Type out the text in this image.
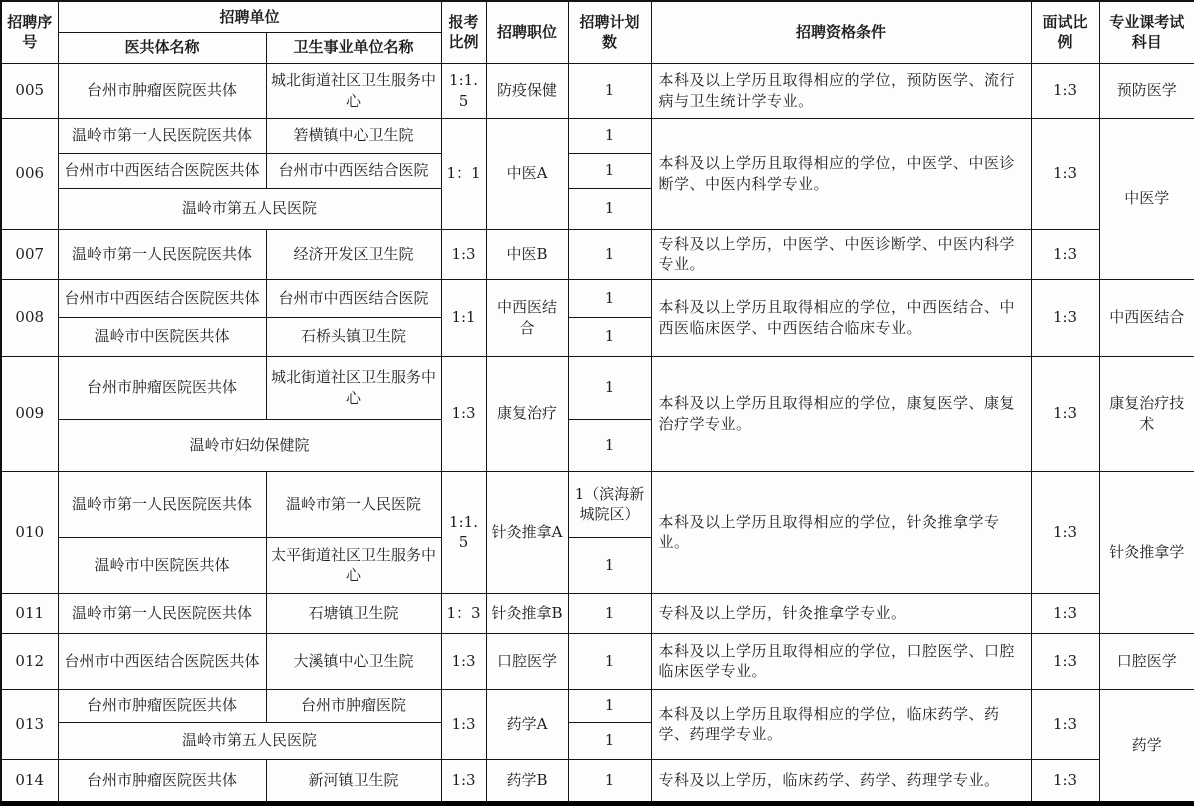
招聘序号	招聘单位		报考比例	招聘职位	招聘计划数	招聘资格条件	面试比例	专业课考试科目
	医共体名称	卫生事业单位名称						
005	台州市肿瘤医院医共体	城北街道社区卫生服务中心	1:1.5	防疫保健	1	本科及以上学历且取得相应的学位，预防医学、流行病与卫生统计学专业。	1:3	预防医学
006	温岭市第一人民医院医共体	箬横镇中心卫生院	1：1	中医A	1	本科及以上学历且取得相应的学位，中医学、中医诊断学、中医内科学专业。	1:3	中医学
	台州市中西医结合医院医共体	台州市中西医结合医院			1			
	温岭市第五人民医院				1			
007	温岭市第一人民医院医共体	经济开发区卫生院	1:3	中医B	1	专科及以上学历，中医学、中医诊断学、中医内科学专业。	1:3	
008	台州市中西医结合医院医共体	台州市中西医结合医院	1:1	中西医结合	1	本科及以上学历且取得相应的学位，中西医结合、中西医临床医学、中西医结合临床专业。	1:3	中西医结合
	温岭市中医院医共体	石桥头镇卫生院			1			
009	台州市肿瘤医院医共体	城北街道社区卫生服务中心	1:3	康复治疗	1	本科及以上学历且取得相应的学位，康复医学、康复治疗学专业。	1:3	康复治疗技术
	温岭市妇幼保健院				1			
010	温岭市第一人民医院医共体	温岭市第一人民医院	1:1.5	针灸推拿A	1（滨海新城院区）	本科及以上学历且取得相应的学位，针灸推拿学专业。	1:3	针灸推拿学
	温岭市中医院医共体	太平街道社区卫生服务中心			1			
011	温岭市第一人民医院医共体	石塘镇卫生院	1：3	针灸推拿B	1	专科及以上学历，针灸推拿学专业。	1:3	
012	台州市中西医结合医院医共体	大溪镇中心卫生院	1:3	口腔医学	1	本科及以上学历且取得相应的学位，口腔医学、口腔临床医学专业。	1:3	口腔医学
013	台州市肿瘤医院医共体	台州市肿瘤医院	1:3	药学A	1	本科及以上学历且取得相应的学位，临床药学、药学、药理学专业。	1:3	药学
	温岭市第五人民医院				1			
014	台州市肿瘤医院医共体	新河镇卫生院	1:3	药学B	1	专科及以上学历，临床药学、药学、药理学专业。	1:3	
